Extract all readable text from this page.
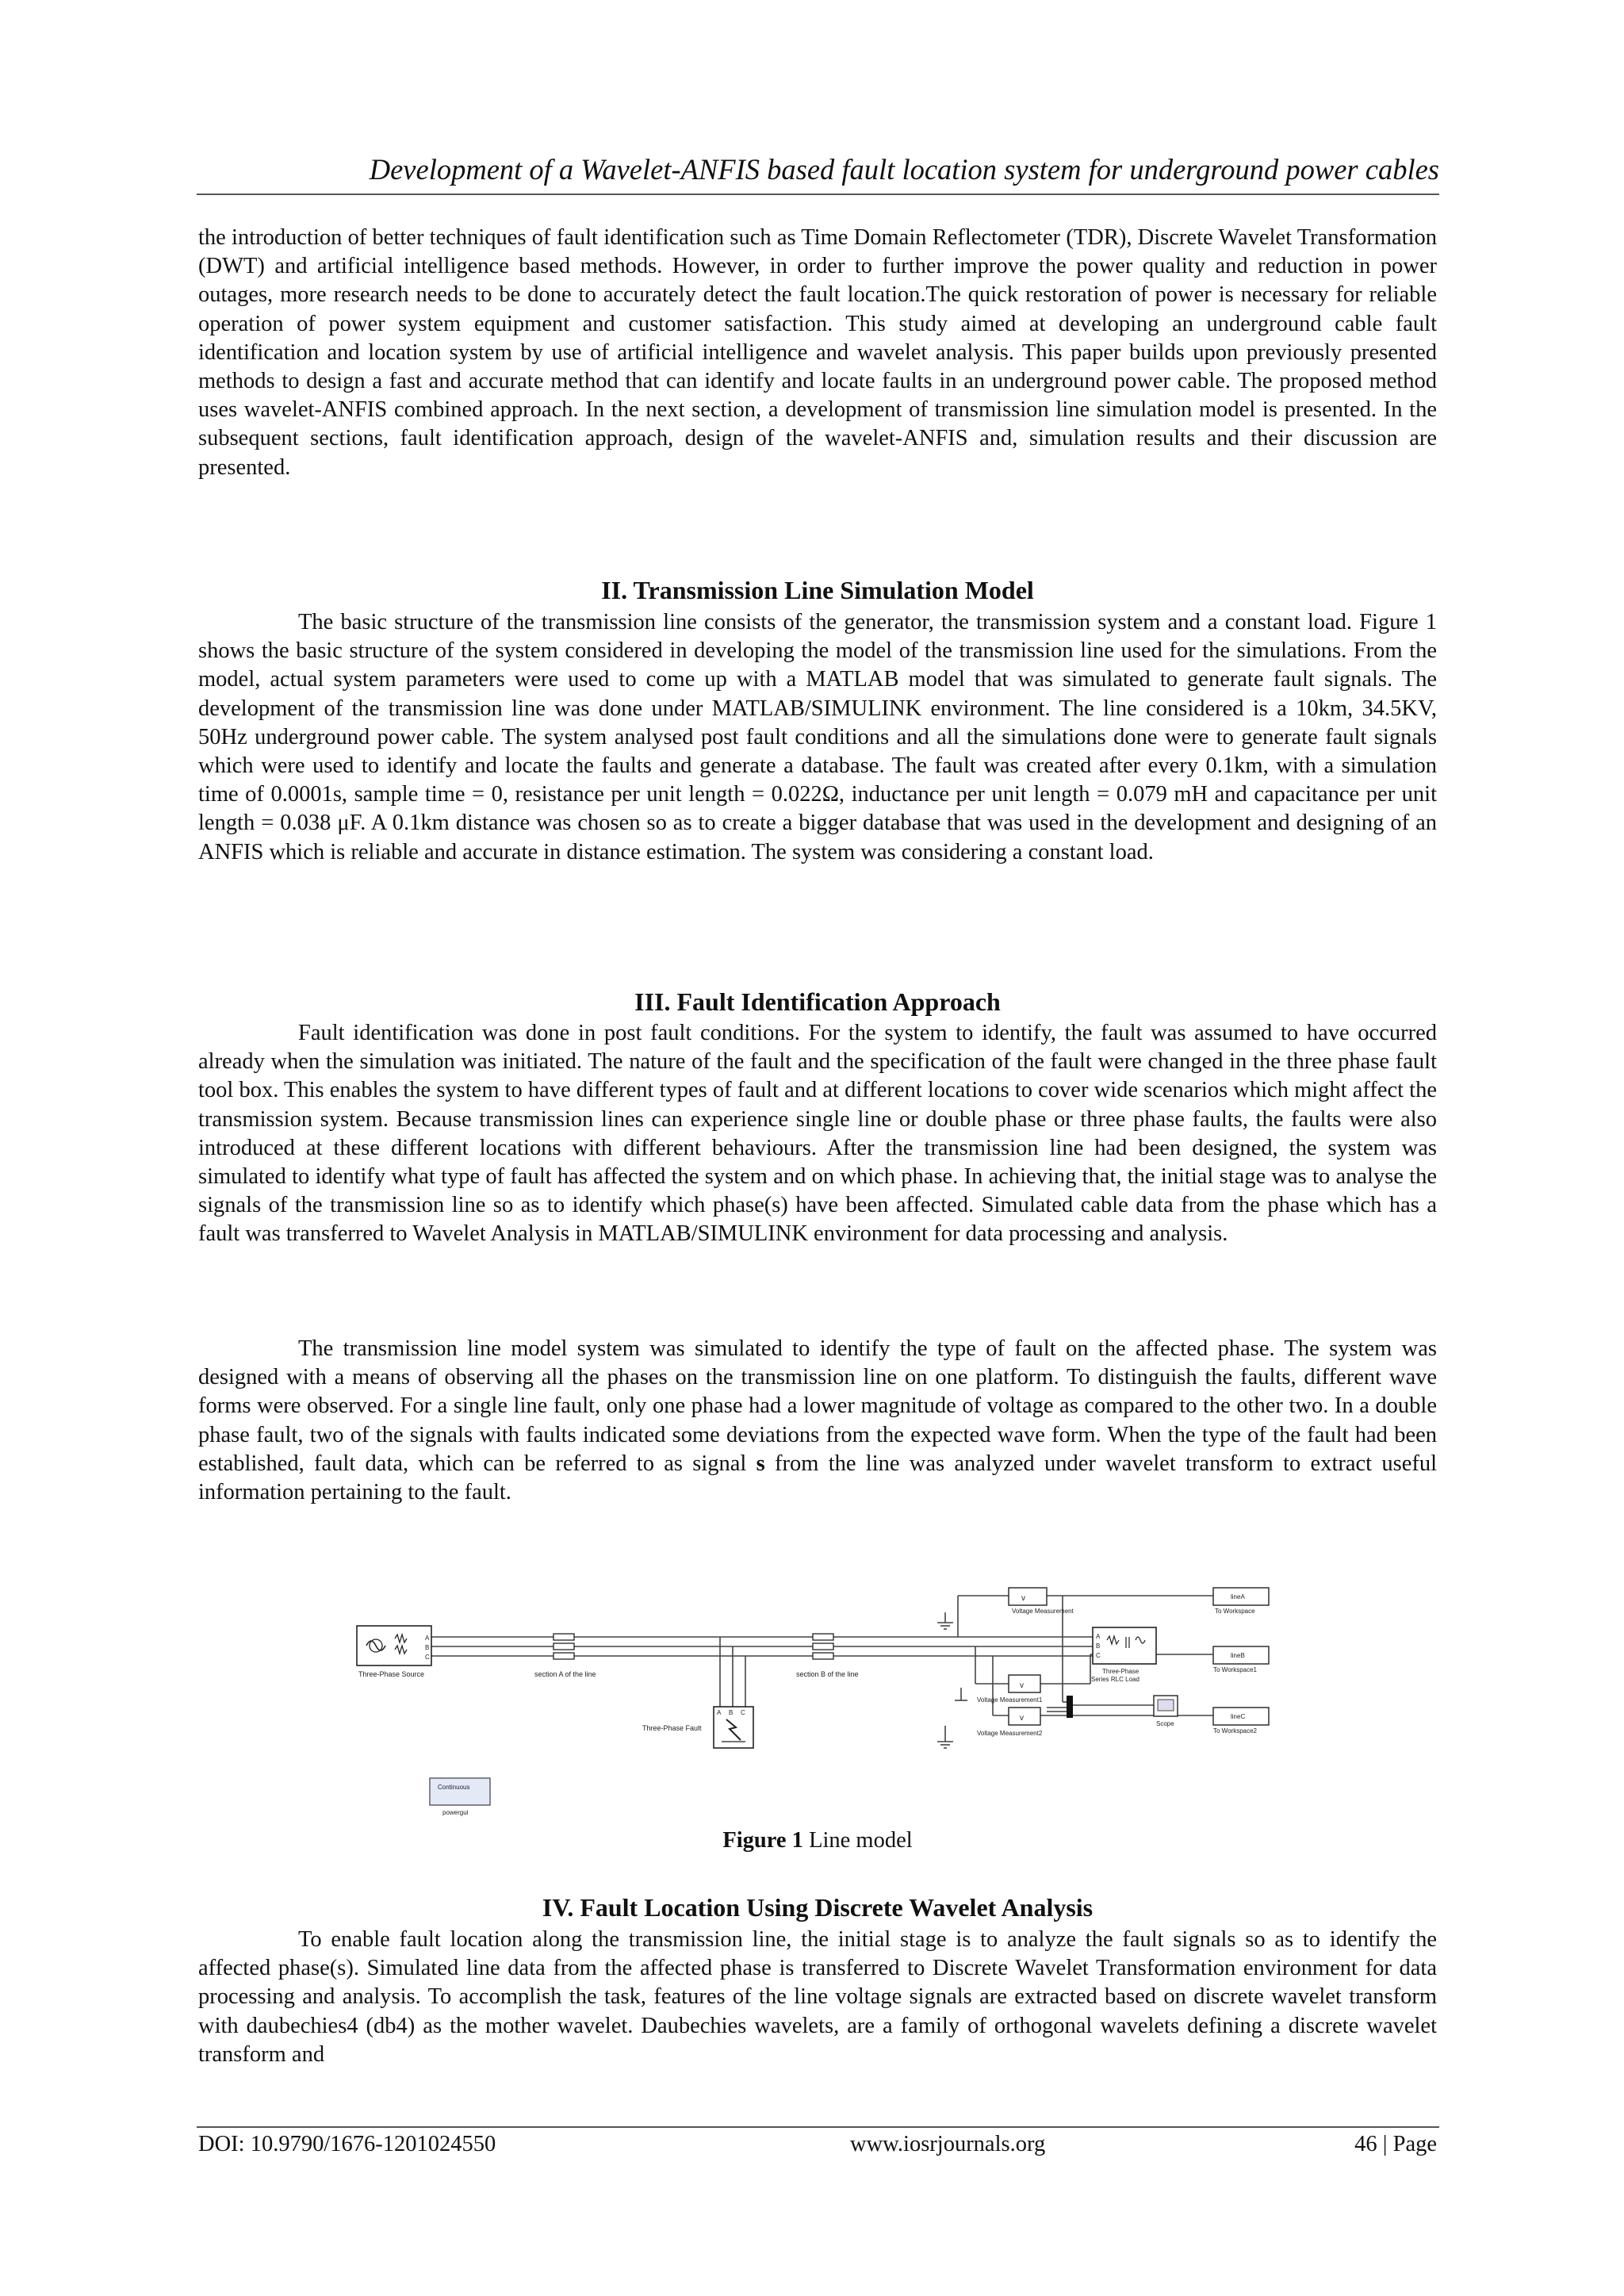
Development of a Wavelet-ANFIS based fault location system for underground power cables

the introduction of better techniques of fault identification such as Time Domain Reflectometer (TDR), Discrete Wavelet Transformation (DWT) and artificial intelligence based methods. However, in order to further improve the power quality and reduction in power outages, more research needs to be done to accurately detect the fault location.The quick restoration of power is necessary for reliable operation of power system equipment and customer satisfaction. This study aimed at developing an underground cable fault identification and location system by use of artificial intelligence and wavelet analysis. This paper builds upon previously presented methods to design a fast and accurate method that can identify and locate faults in an underground power cable. The proposed method uses wavelet-ANFIS combined approach. In the next section, a development of transmission line simulation model is presented. In the subsequent sections, fault identification approach, design of the wavelet-ANFIS and, simulation results and their discussion are presented.

II. Transmission Line Simulation Model

The basic structure of the transmission line consists of the generator, the transmission system and a constant load. Figure 1 shows the basic structure of the system considered in developing the model of the transmission line used for the simulations. From the model, actual system parameters were used to come up with a MATLAB model that was simulated to generate fault signals. The development of the transmission line was done under MATLAB/SIMULINK environment. The line considered is a 10km, 34.5KV, 50Hz underground power cable. The system analysed post fault conditions and all the simulations done were to generate fault signals which were used to identify and locate the faults and generate a database. The fault was created after every 0.1km, with a simulation time of 0.0001s, sample time = 0, resistance per unit length = 0.022Ω, inductance per unit length = 0.079 mH and capacitance per unit length = 0.038 μF. A 0.1km distance was chosen so as to create a bigger database that was used in the development and designing of an ANFIS which is reliable and accurate in distance estimation. The system was considering a constant load.

III. Fault Identification Approach

Fault identification was done in post fault conditions. For the system to identify, the fault was assumed to have occurred already when the simulation was initiated. The nature of the fault and the specification of the fault were changed in the three phase fault tool box. This enables the system to have different types of fault and at different locations to cover wide scenarios which might affect the transmission system. Because transmission lines can experience single line or double phase or three phase faults, the faults were also introduced at these different locations with different behaviours. After the transmission line had been designed, the system was simulated to identify what type of fault has affected the system and on which phase. In achieving that, the initial stage was to analyse the signals of the transmission line so as to identify which phase(s) have been affected. Simulated cable data from the phase which has a fault was transferred to Wavelet Analysis in MATLAB/SIMULINK environment for data processing and analysis.

The transmission line model system was simulated to identify the type of fault on the affected phase. The system was designed with a means of observing all the phases on the transmission line on one platform. To distinguish the faults, different wave forms were observed. For a single line fault, only one phase had a lower magnitude of voltage as compared to the other two. In a double phase fault, two of the signals with faults indicated some deviations from the expected wave form. When the type of the fault had been established, fault data, which can be referred to as signal s from the line was analyzed under wavelet transform to extract useful information pertaining to the fault.

A
B
C
Three-Phase Source	section A of the line	section B of the line
A B C
Three-Phase Fault
A
B
C
Three-Phase
Series RLC Load
v
Voltage Measurement
v
Voltage Measurement1
v
Voltage Measurement2
Scope
lineA
To Workspace
lineB
To Workspace1
lineC
To Workspace2
Continuous
powergui
Figure 1 Line model
IV. Fault Location Using Discrete Wavelet Analysis

To enable fault location along the transmission line, the initial stage is to analyze the fault signals so as to identify the affected phase(s). Simulated line data from the affected phase is transferred to Discrete Wavelet Transformation environment for data processing and analysis. To accomplish the task, features of the line voltage signals are extracted based on discrete wavelet transform with daubechies4 (db4) as the mother wavelet. Daubechies wavelets, are a family of orthogonal wavelets defining a discrete wavelet transform and

DOI: 10.9790/1676-1201024550	www.iosrjournals.org	46 | Page
